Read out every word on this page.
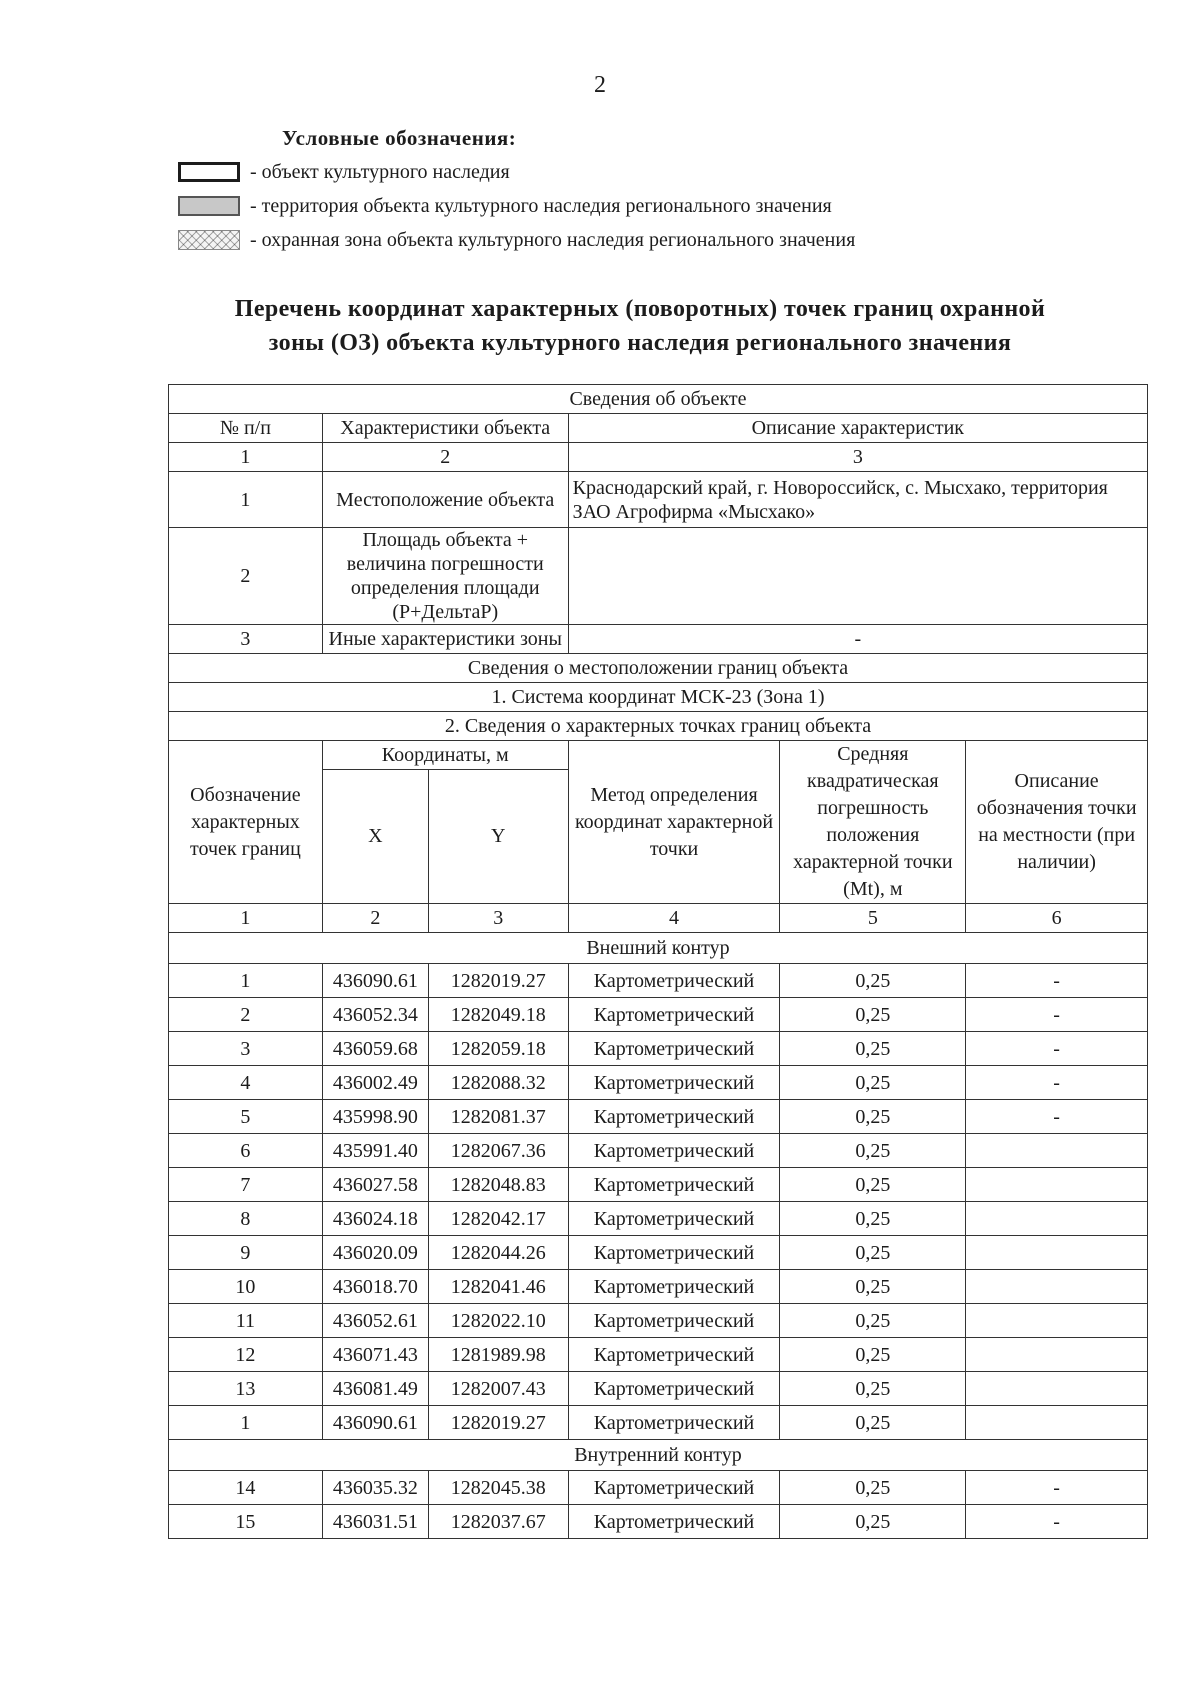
2
Условные обозначения:
- объект культурного наследия
- территория объекта культурного наследия регионального значения
- охранная зона объекта культурного наследия регионального значения
Перечень координат характерных (поворотных) точек границ охранной
зоны (ОЗ) объекта культурного наследия регионального значения
Сведения об объекте					
№ п/п	Характеристики объекта		Описание характеристик		
1	2		3		
1	Местоположение объекта		Краснодарский край, г. Новороссийск, с. Мысхако, территория ЗАО Агрофирма «Мысхако»		
2	Площадь объекта + величина погрешности определения площади (Р+ДельтаР)				
3	Иные характеристики зоны		-		
Сведения о местоположении границ объекта					
1. Система координат МСК-23 (Зона 1)					
2. Сведения о характерных точках границ объекта					
Обозначение характерных точек границ	Координаты, м		Метод определения координат характерной точки	Средняя квадратическая погрешность положения характерной точки (Mt), м	Описание обозначения точки на местности (при наличии)
	X	Y			
1	2	3	4	5	6
Внешний контур					
1	436090.61	1282019.27	Картометрический	0,25	-
2	436052.34	1282049.18	Картометрический	0,25	-
3	436059.68	1282059.18	Картометрический	0,25	-
4	436002.49	1282088.32	Картометрический	0,25	-
5	435998.90	1282081.37	Картометрический	0,25	-
6	435991.40	1282067.36	Картометрический	0,25	
7	436027.58	1282048.83	Картометрический	0,25	
8	436024.18	1282042.17	Картометрический	0,25	
9	436020.09	1282044.26	Картометрический	0,25	
10	436018.70	1282041.46	Картометрический	0,25	
11	436052.61	1282022.10	Картометрический	0,25	
12	436071.43	1281989.98	Картометрический	0,25	
13	436081.49	1282007.43	Картометрический	0,25	
1	436090.61	1282019.27	Картометрический	0,25	
Внутренний контур					
14	436035.32	1282045.38	Картометрический	0,25	-
15	436031.51	1282037.67	Картометрический	0,25	-
